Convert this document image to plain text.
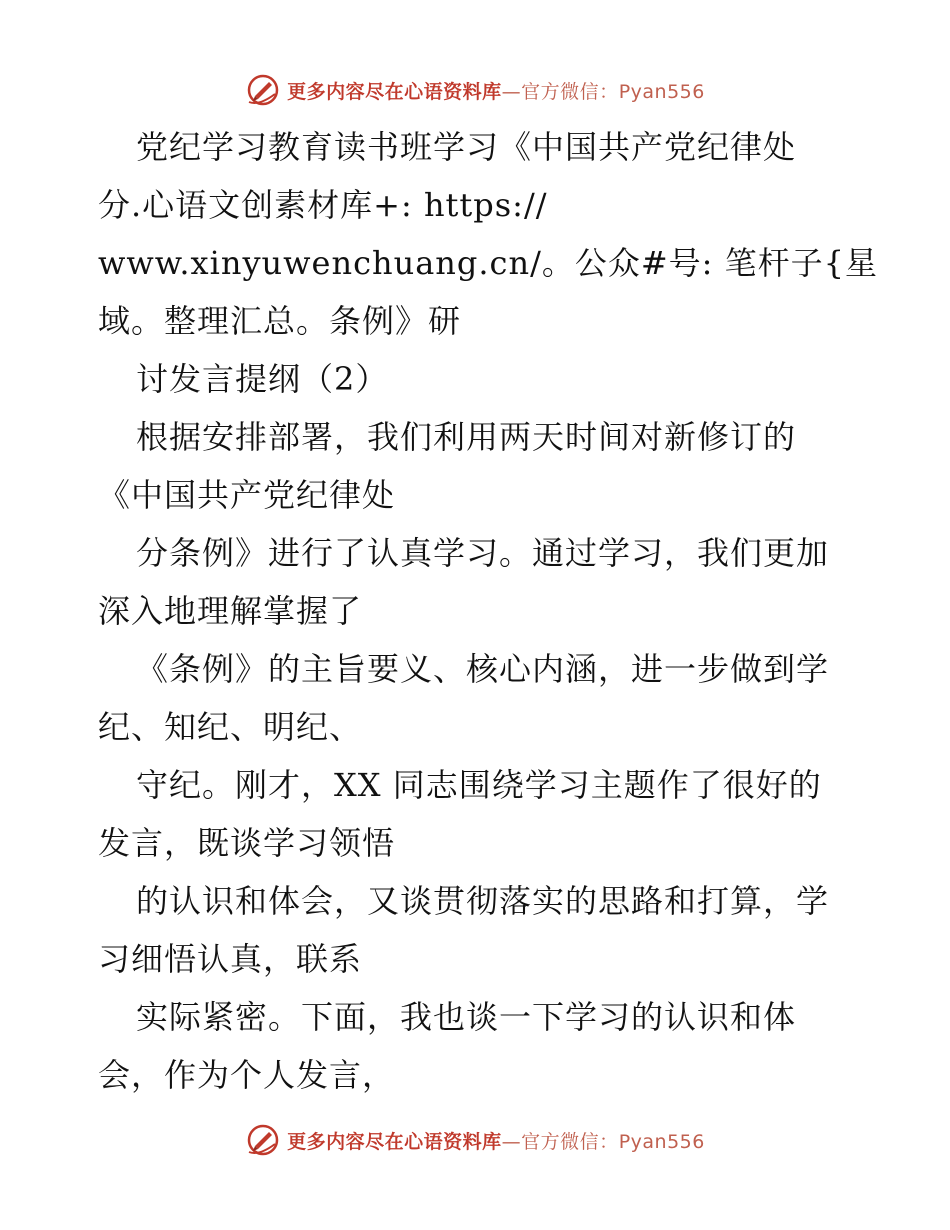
更多内容尽在心语资料库—官方微信：Pyan556
党纪学习教育读书班学习《中国共产党纪律处
分.心语文创素材库+: https://
www.xinyuwenchuang.cn/。公众#号: 笔杆子{星
域。整理汇总。条例》研
讨发言提纲（2）
根据安排部署，我们利用两天时间对新修订的
《中国共产党纪律处
分条例》进行了认真学习。通过学习，我们更加
深入地理解掌握了
《条例》的主旨要义、核心内涵，进一步做到学
纪、知纪、明纪、
守纪。刚才，XX 同志围绕学习主题作了很好的
发言，既谈学习领悟
的认识和体会，又谈贯彻落实的思路和打算，学
习细悟认真，联系
实际紧密。下面，我也谈一下学习的认识和体
会，作为个人发言，
更多内容尽在心语资料库—官方微信：Pyan556
